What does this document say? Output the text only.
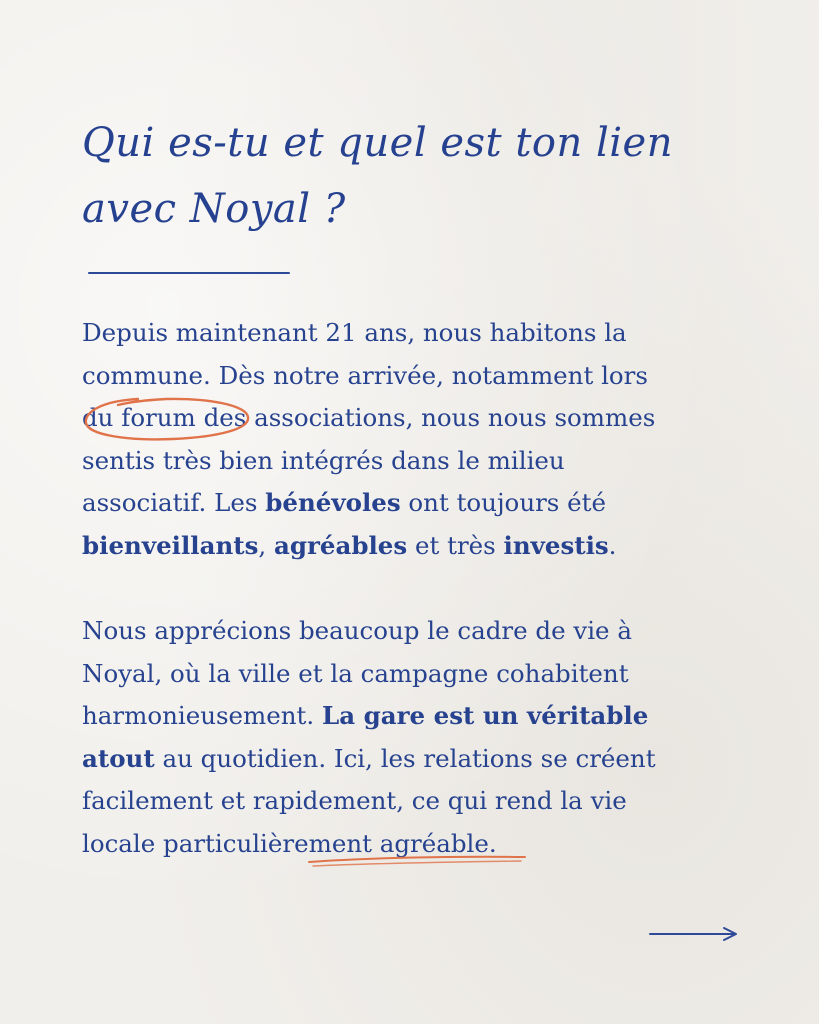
Qui es-tu et quel est ton lien
avec Noyal ?

Depuis maintenant 21 ans, nous habitons la
commune. Dès notre arrivée, notamment lors
du forum des associations, nous nous sommes
sentis très bien intégrés dans le milieu
associatif. Les bénévoles ont toujours été
bienveillants, agréables et très investis.

Nous apprécions beaucoup le cadre de vie à
Noyal, où la ville et la campagne cohabitent
harmonieusement. La gare est un véritable
atout au quotidien. Ici, les relations se créent
facilement et rapidement, ce qui rend la vie
locale particulièrement agréable.
